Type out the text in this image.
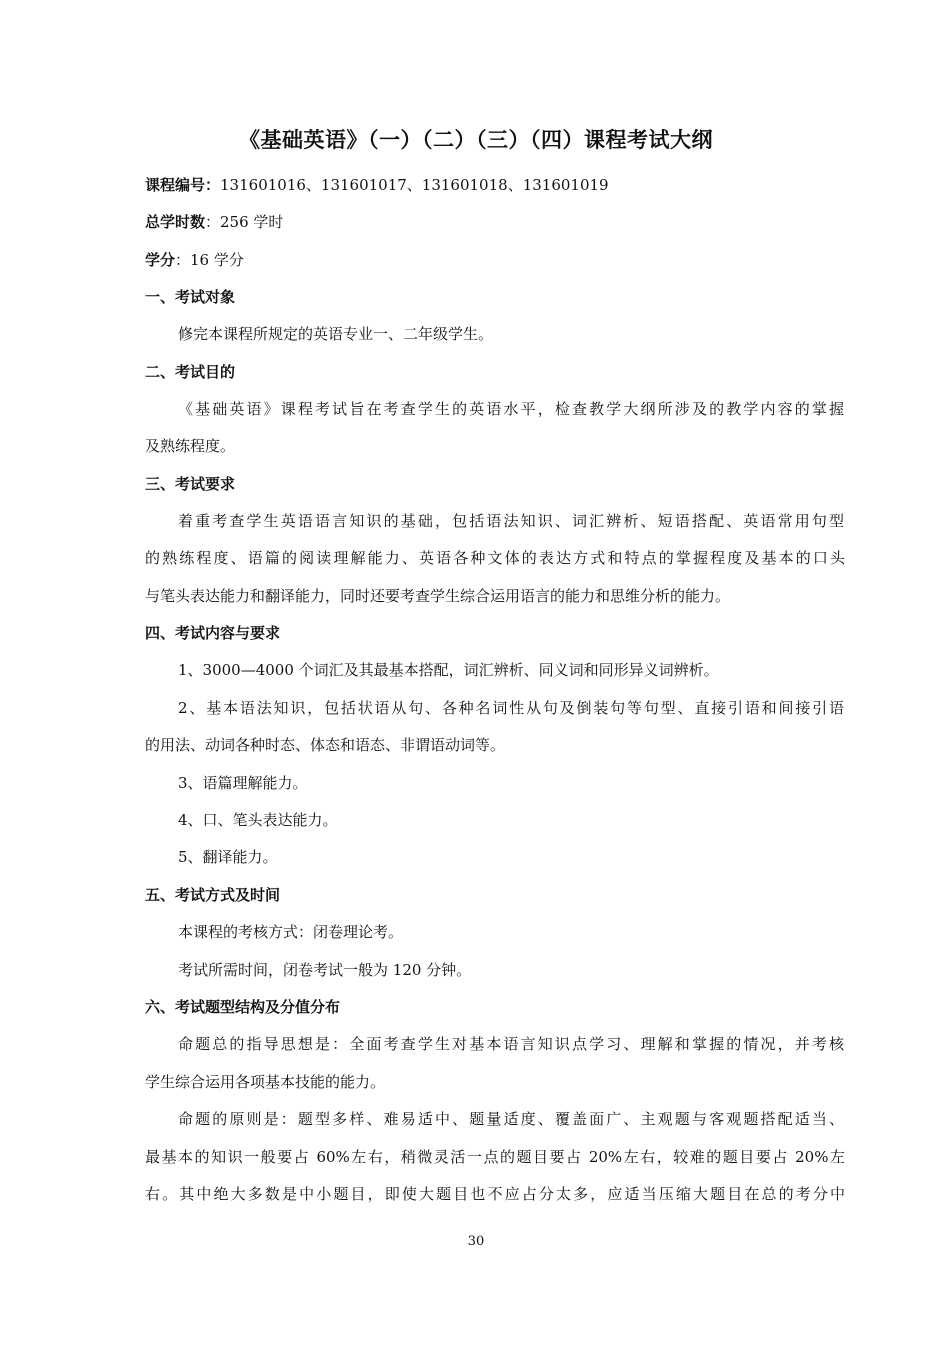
《基础英语》（一）（二）（三）（四）课程考试大纲
课程编号：131601016、131601017、131601018、131601019
总学时数：256 学时
学分：16 学分
一、考试对象
修完本课程所规定的英语专业一、二年级学生。
二、考试目的
《基础英语》课程考试旨在考查学生的英语水平，检查教学大纲所涉及的教学内容的掌握
及熟练程度。
三、考试要求
着重考查学生英语语言知识的基础，包括语法知识、词汇辨析、短语搭配、英语常用句型
的熟练程度、语篇的阅读理解能力、英语各种文体的表达方式和特点的掌握程度及基本的口头
与笔头表达能力和翻译能力，同时还要考查学生综合运用语言的能力和思维分析的能力。
四、考试内容与要求
1、3000—4000 个词汇及其最基本搭配，词汇辨析、同义词和同形异义词辨析。
2、基本语法知识，包括状语从句、各种名词性从句及倒装句等句型、直接引语和间接引语
的用法、动词各种时态、体态和语态、非谓语动词等。
3、语篇理解能力。
4、口、笔头表达能力。
5、翻译能力。
五、考试方式及时间
本课程的考核方式：闭卷理论考。
考试所需时间，闭卷考试一般为 120 分钟。
六、考试题型结构及分值分布
命题总的指导思想是：全面考查学生对基本语言知识点学习、理解和掌握的情况，并考核
学生综合运用各项基本技能的能力。
命题的原则是：题型多样、难易适中、题量适度、覆盖面广、主观题与客观题搭配适当、
最基本的知识一般要占 60%左右，稍微灵活一点的题目要占 20%左右，较难的题目要占 20%左
右。其中绝大多数是中小题目，即使大题目也不应占分太多，应适当压缩大题目在总的考分中
30
